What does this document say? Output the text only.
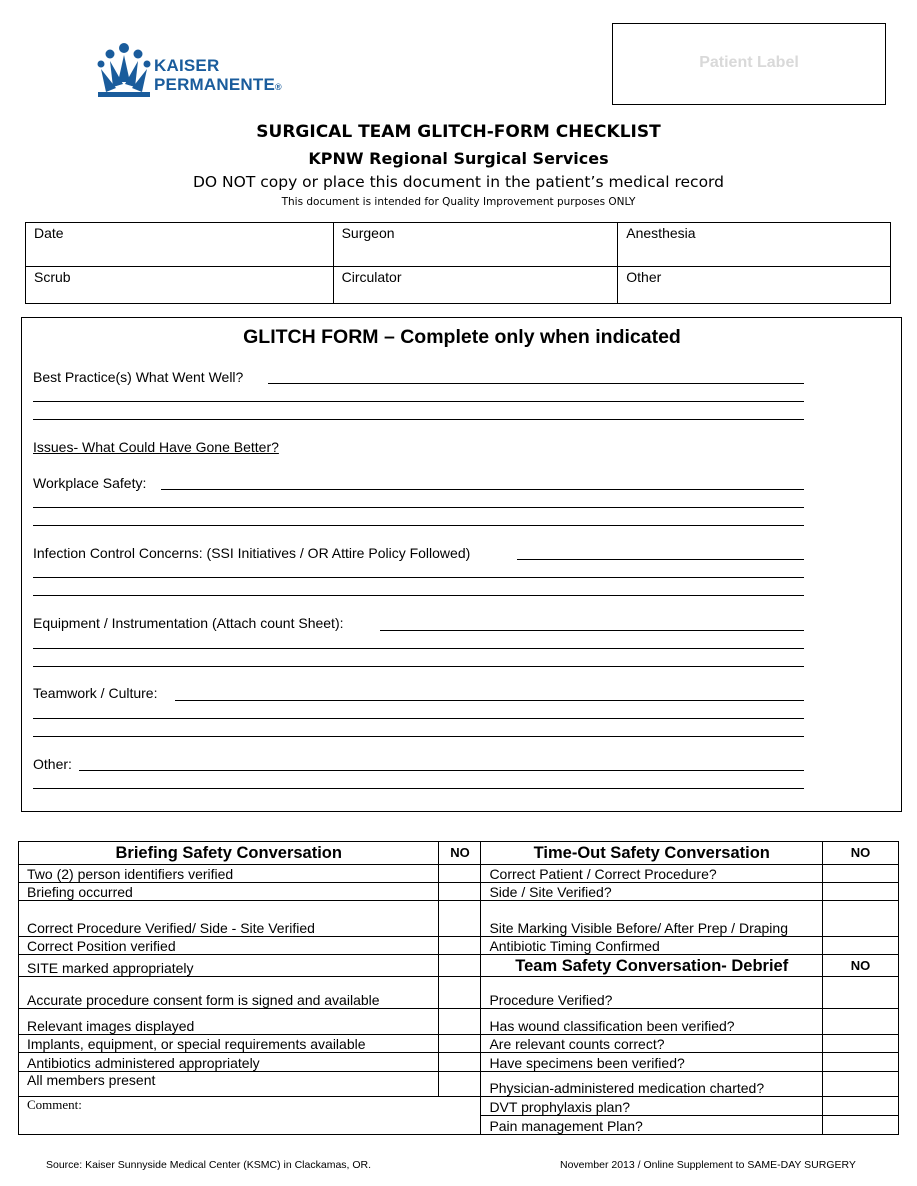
KAISER
PERMANENTE®
Patient Label
SURGICAL TEAM GLITCH-FORM CHECKLIST
KPNW Regional Surgical Services
DO NOT copy or place this document in the patient’s medical record
This document is intended for Quality Improvement purposes ONLY
Date	Surgeon	Anesthesia
Scrub	Circulator	Other
GLITCH FORM – Complete only when indicated
Best Practice(s) What Went Well?
Issues- What Could Have Gone Better?
Workplace Safety:
Infection Control Concerns: (SSI Initiatives / OR Attire Policy Followed)
Equipment / Instrumentation (Attach count Sheet):
Teamwork / Culture:
Other:
Briefing Safety Conversation	NO	Time-Out Safety Conversation	NO
Two (2) person identifiers verified		Correct Patient / Correct Procedure?	
Briefing occurred		Side / Site Verified?	
Correct Procedure Verified/ Side - Site Verified		Site Marking Visible Before/ After Prep / Draping	
Correct Position verified		Antibiotic Timing Confirmed	
SITE marked appropriately		Team Safety Conversation- Debrief	NO
Accurate procedure consent form is signed and available		Procedure Verified?	
Relevant images displayed		Has wound classification been verified?	
Implants, equipment, or special requirements available		Are relevant counts correct?	
Antibiotics administered appropriately		Have specimens been verified?	
All members present		Physician-administered medication charted?	
Comment:		DVT prophylaxis plan?	
		Pain management Plan?	
Source: Kaiser Sunnyside Medical Center (KSMC) in Clackamas, OR.	November 2013 / Online Supplement to SAME-DAY SURGERY
